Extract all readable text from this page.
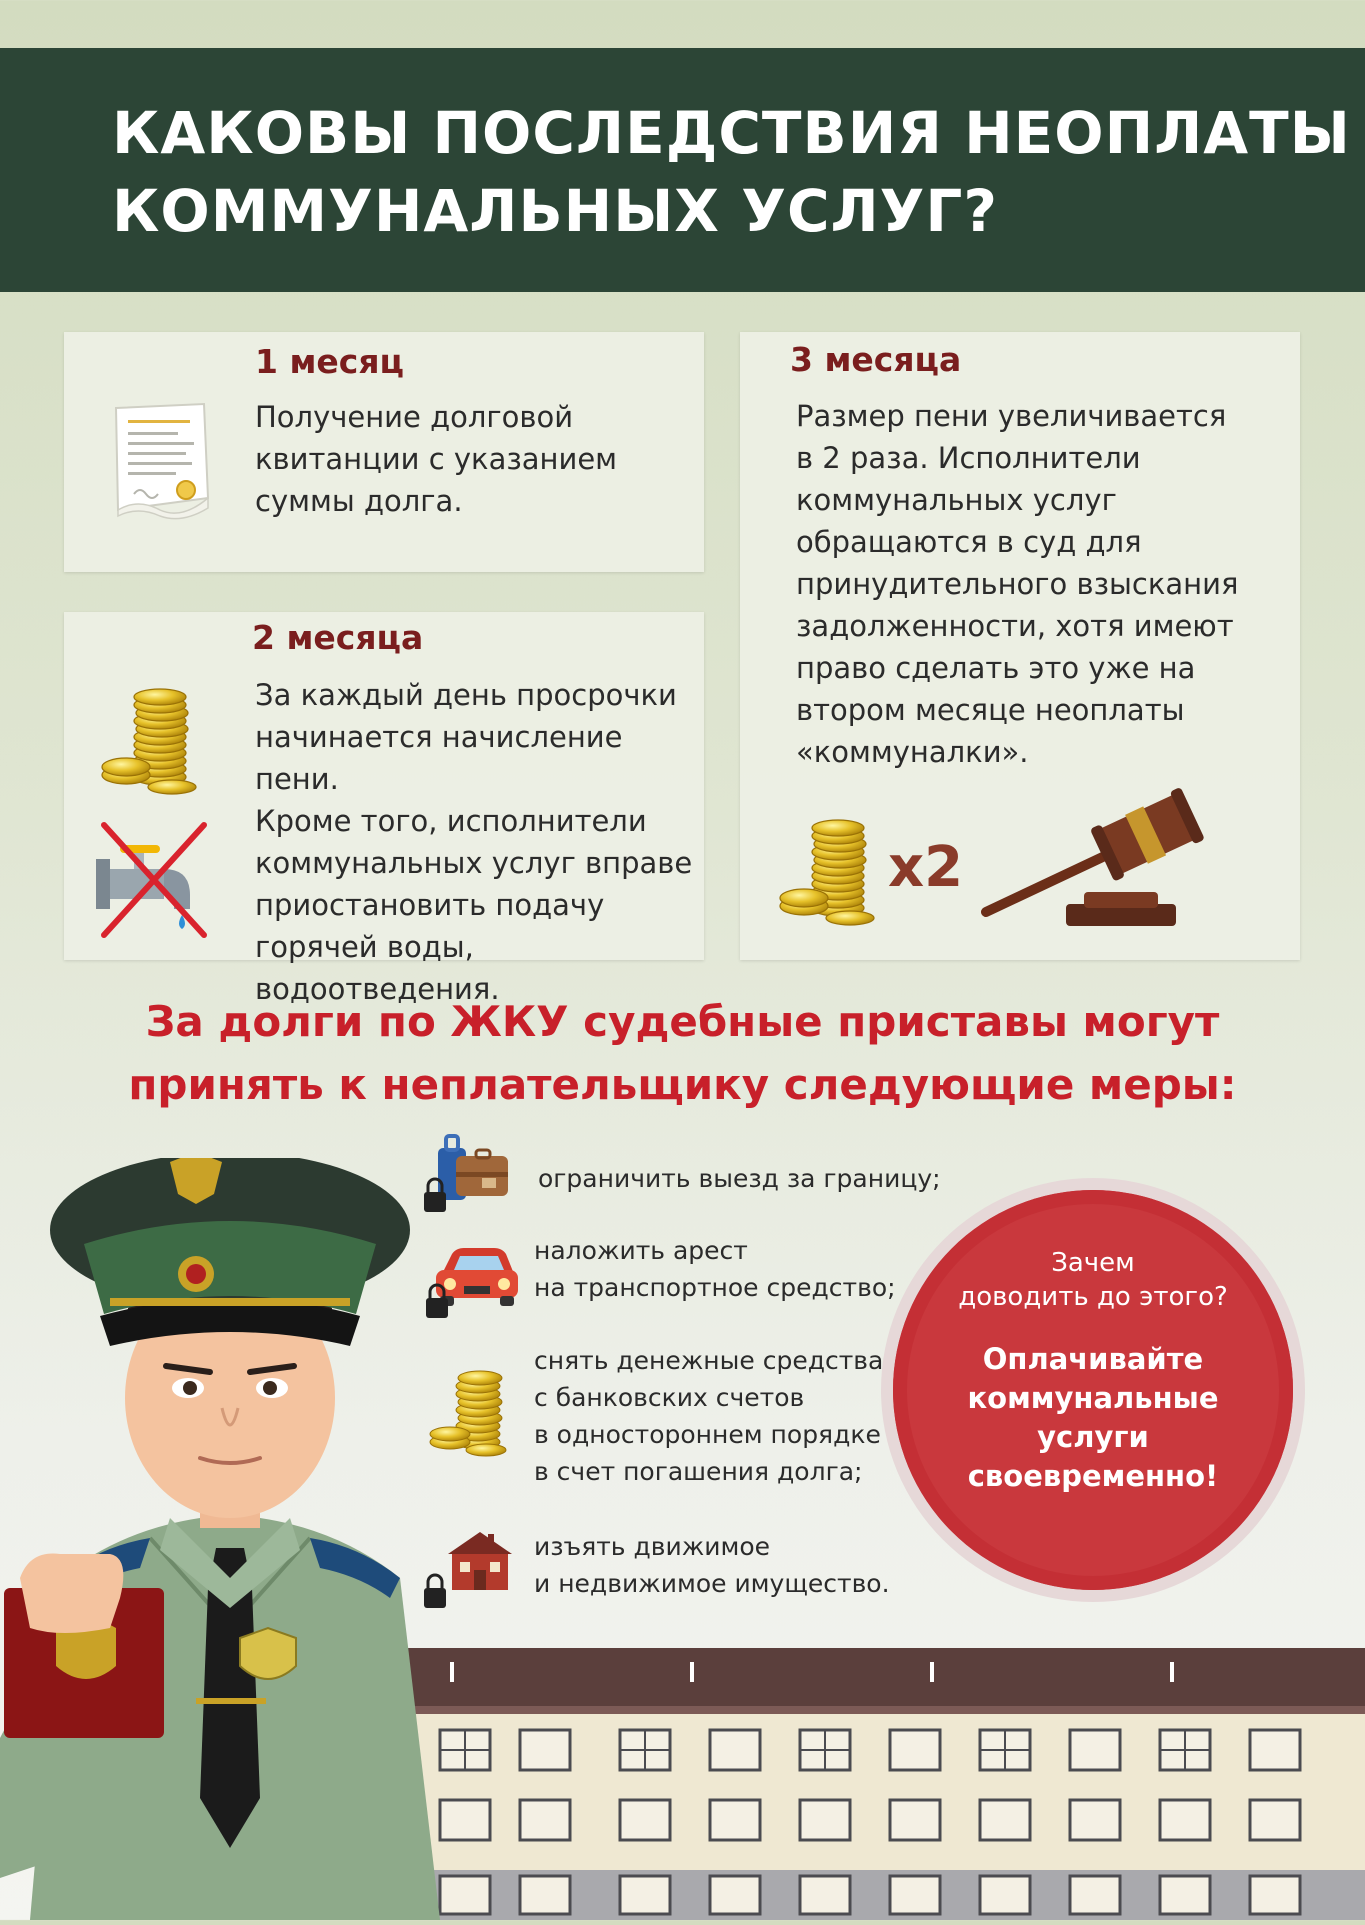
КАКОВЫ ПОСЛЕДСТВИЯ НЕОПЛАТЫ
КОММУНАЛЬНЫХ УСЛУГ?
1 месяц

Получение долговой
квитанции с указанием
суммы долга.

2 месяца

За каждый день просрочки
начинается начисление пени.
Кроме того, исполнители
коммунальных услуг вправе
приостановить подачу
горячей воды, водоотведения.

3 месяца

Размер пени увеличивается
в 2 раза. Исполнители
коммунальных услуг
обращаются в суд для
принудительного взыскания
задолженности, хотя имеют
право сделать это уже на
втором месяце неоплаты
«коммуналки».

x2
За долги по ЖКУ судебные приставы могут
принять к неплательщику следующие меры:

ограничить выезд за границу;

наложить арест
на транспортное средство;

снять денежные средства
с банковских счетов
в одностороннем порядке
в счет погашения долга;

изъять движимое
и недвижимое имущество.

Зачем
доводить до этого?

Оплачивайте
коммунальные
услуги
своевременно!
